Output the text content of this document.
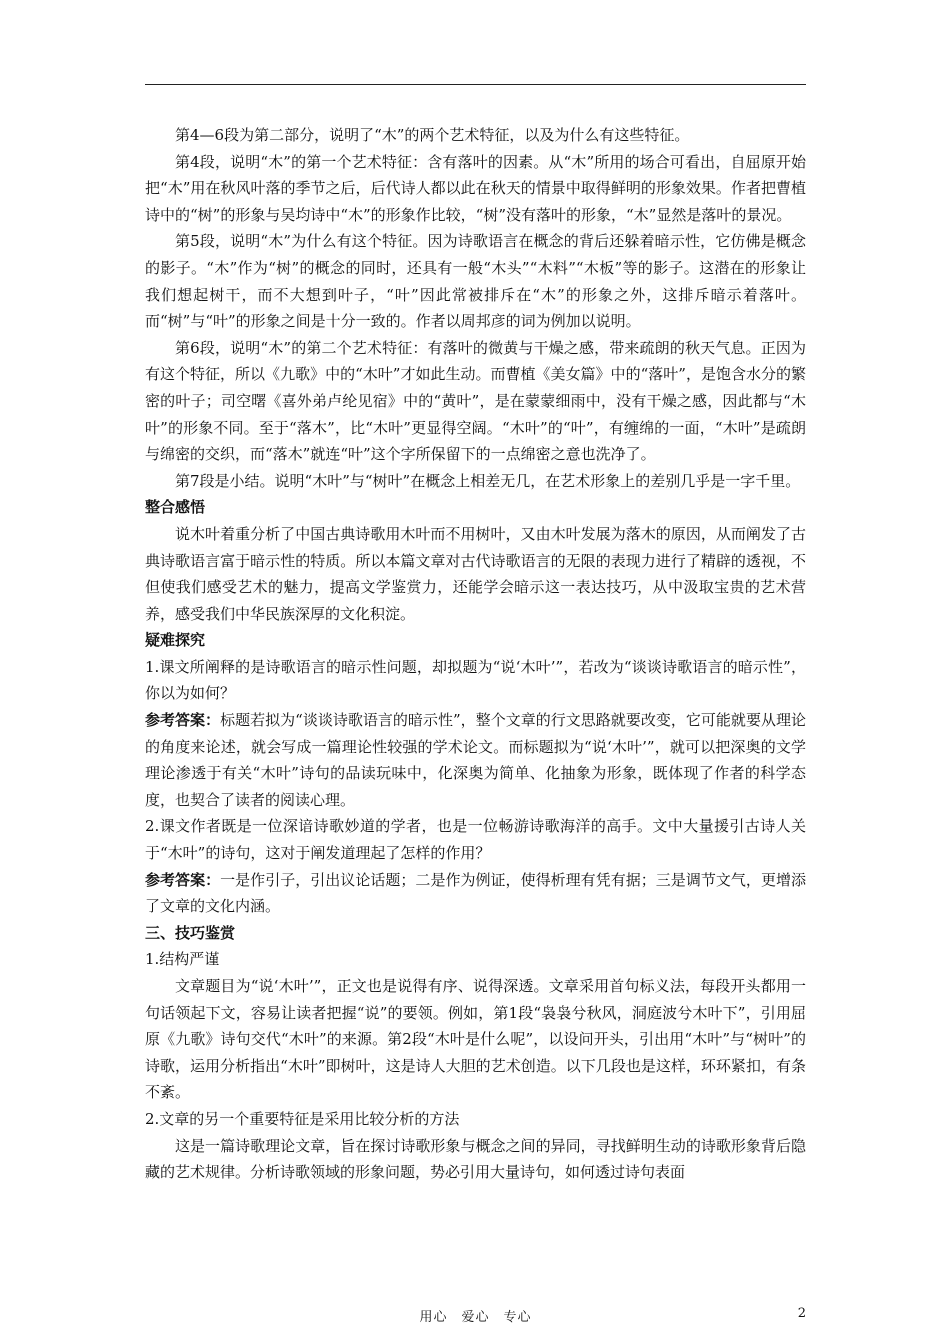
第4—6段为第二部分，说明了“木”的两个艺术特征，以及为什么有这些特征。

第4段，说明“木”的第一个艺术特征：含有落叶的因素。从“木”所用的场合可看出，自屈原开始把“木”用在秋风叶落的季节之后，后代诗人都以此在秋天的情景中取得鲜明的形象效果。作者把曹植诗中的“树”的形象与吴均诗中“木”的形象作比较，“树”没有落叶的形象，“木”显然是落叶的景况。

第5段，说明“木”为什么有这个特征。因为诗歌语言在概念的背后还躲着暗示性，它仿佛是概念的影子。“木”作为“树”的概念的同时，还具有一般“木头”“木料”“木板”等的影子。这潜在的形象让我们想起树干，而不大想到叶子，“叶”因此常被排斥在“木”的形象之外，这排斥暗示着落叶。而“树”与“叶”的形象之间是十分一致的。作者以周邦彦的词为例加以说明。

第6段，说明“木”的第二个艺术特征：有落叶的微黄与干燥之感，带来疏朗的秋天气息。正因为有这个特征，所以《九歌》中的“木叶”才如此生动。而曹植《美女篇》中的“落叶”，是饱含水分的繁密的叶子；司空曙《喜外弟卢纶见宿》中的“黄叶”，是在蒙蒙细雨中，没有干燥之感，因此都与“木叶”的形象不同。至于“落木”，比“木叶”更显得空阔。“木叶”的“叶”，有缠绵的一面，“木叶”是疏朗与绵密的交织，而“落木”就连“叶”这个字所保留下的一点绵密之意也洗净了。

第7段是小结。说明“木叶”与“树叶”在概念上相差无几，在艺术形象上的差别几乎是一字千里。

整合感悟

说木叶着重分析了中国古典诗歌用木叶而不用树叶，又由木叶发展为落木的原因，从而阐发了古典诗歌语言富于暗示性的特质。所以本篇文章对古代诗歌语言的无限的表现力进行了精辟的透视，不但使我们感受艺术的魅力，提高文学鉴赏力，还能学会暗示这一表达技巧，从中汲取宝贵的艺术营养，感受我们中华民族深厚的文化积淀。

疑难探究

1.课文所阐释的是诗歌语言的暗示性问题，却拟题为“说‘木叶’”，若改为“谈谈诗歌语言的暗示性”，你以为如何？

参考答案：标题若拟为“谈谈诗歌语言的暗示性”，整个文章的行文思路就要改变，它可能就要从理论的角度来论述，就会写成一篇理论性较强的学术论文。而标题拟为“说‘木叶’”，就可以把深奥的文学理论渗透于有关“木叶”诗句的品读玩味中，化深奥为简单、化抽象为形象，既体现了作者的科学态度，也契合了读者的阅读心理。

2.课文作者既是一位深谙诗歌妙道的学者，也是一位畅游诗歌海洋的高手。文中大量援引古诗人关于“木叶”的诗句，这对于阐发道理起了怎样的作用？

参考答案：一是作引子，引出议论话题；二是作为例证，使得析理有凭有据；三是调节文气，更增添了文章的文化内涵。

三、技巧鉴赏

1.结构严谨

文章题目为“说‘木叶’”，正文也是说得有序、说得深透。文章采用首句标义法，每段开头都用一句话领起下文，容易让读者把握“说”的要领。例如，第1段“袅袅兮秋风，洞庭波兮木叶下”，引用屈原《九歌》诗句交代“木叶”的来源。第2段“木叶是什么呢”，以设问开头，引出用“木叶”与“树叶”的诗歌，运用分析指出“木叶”即树叶，这是诗人大胆的艺术创造。以下几段也是这样，环环紧扣，有条不紊。

2.文章的另一个重要特征是采用比较分析的方法

这是一篇诗歌理论文章，旨在探讨诗歌形象与概念之间的异同，寻找鲜明生动的诗歌形象背后隐藏的艺术规律。分析诗歌领域的形象问题，势必引用大量诗句，如何透过诗句表面

用心　爱心　专心	2
